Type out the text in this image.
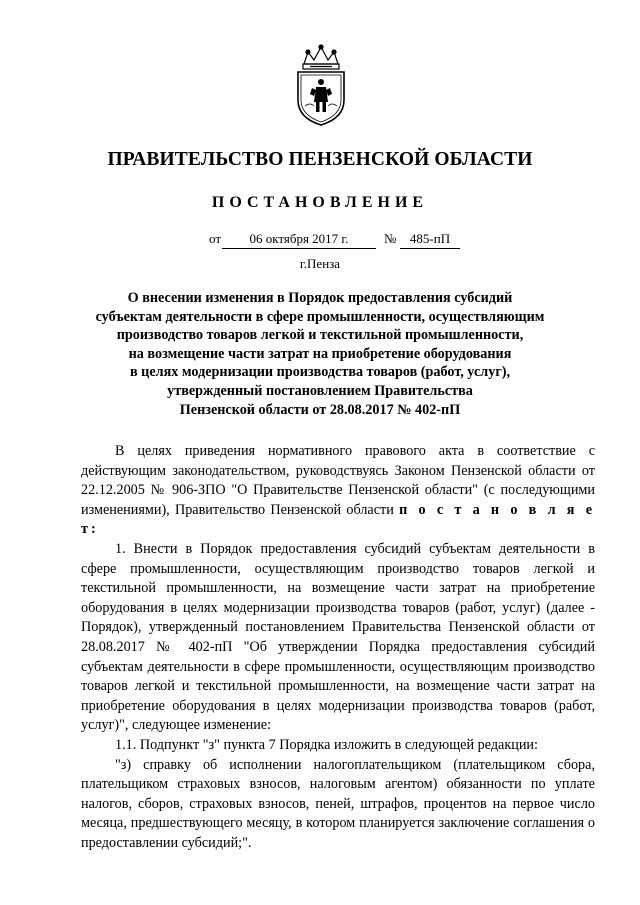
ПРАВИТЕЛЬСТВО ПЕНЗЕНСКОЙ ОБЛАСТИ
ПОСТАНОВЛЕНИЕ
от	06 октября 2017 г.	№	485-пП
г.Пенза
О внесении изменения в Порядок предоставления субсидий
субъектам деятельности в сфере промышленности, осуществляющим
производство товаров легкой и текстильной промышленности,
на возмещение части затрат на приобретение оборудования
в целях модернизации производства товаров (работ, услуг),
утвержденный постановлением Правительства
Пензенской области от 28.08.2017 № 402-пП

В целях приведения нормативного правового акта в соответствие с действующим законодательством, руководствуясь Законом Пензенской области от 22.12.2005 № 906-ЗПО "О Правительстве Пензенской области" (с последующими изменениями), Правительство Пензенской области п о с т а н о в л я е т:

1. Внести в Порядок предоставления субсидий субъектам деятельности в сфере промышленности, осуществляющим производство товаров легкой и текстильной промышленности, на возмещение части затрат на приобретение оборудования в целях модернизации производства товаров (работ, услуг) (далее - Порядок), утвержденный постановлением Правительства Пензенской области от 28.08.2017 № 402-пП "Об утверждении Порядка предоставления субсидий субъектам деятельности в сфере промышленности, осуществляющим производство товаров легкой и текстильной промышленности, на возмещение части затрат на приобретение оборудования в целях модернизации производства товаров (работ, услуг)", следующее изменение:

1.1. Подпункт "з" пункта 7 Порядка изложить в следующей редакции:

"з) справку об исполнении налогоплательщиком (плательщиком сбора, плательщиком страховых взносов, налоговым агентом) обязанности по уплате налогов, сборов, страховых взносов, пеней, штрафов, процентов на первое число месяца, предшествующего месяцу, в котором планируется заключение соглашения о предоставлении субсидий;".
